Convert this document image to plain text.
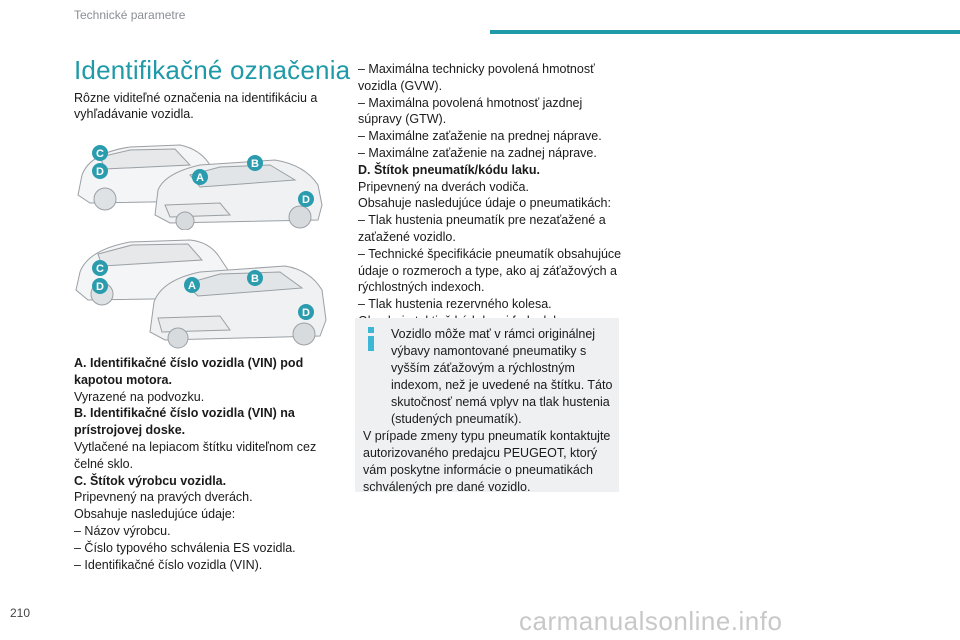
Technické parametre
Identifikačné označenia
Rôzne viditeľné označenia na identifikáciu a vyhľadávanie vozidla.
C
D
B
A
D
C
D
B
A
D

A. Identifikačné číslo vozidla (VIN) pod kapotou motora.

Vyrazené na podvozku.

B. Identifikačné číslo vozidla (VIN) na prístrojovej doske.

Vytlačené na lepiacom štítku viditeľnom cez čelné sklo.

C. Štítok výrobcu vozidla.

Pripevnený na pravých dverách.

Obsahuje nasledujúce údaje:

– Názov výrobcu.

– Číslo typového schválenia ES vozidla.

– Identifikačné číslo vozidla (VIN).

– Maximálna technicky povolená hmotnosť vozidla (GVW).

– Maximálna povolená hmotnosť jazdnej súpravy (GTW).

– Maximálne zaťaženie na prednej nápravе.

– Maximálne zaťaženie na zadnej nápravе.

D. Štítok pneumatík/kódu laku.

Pripevnený na dverách vodiča.

Obsahuje nasledujúce údaje o pneumatikách:

– Tlak hustenia pneumatík pre nezaťažené a zaťažené vozidlo.

– Technické špecifikácie pneumatík obsahujúce údaje o rozmeroch a type, ako aj záťažových a rýchlostných indexoch.

– Tlak hustenia rezervného kolesa.

Vozidlo môže mať v rámci originálnej výbavy namontované pneumatiky s vyšším záťažovým a rýchlostným indexom, než je uvedené na štítku. Táto skutočnosť nemá vplyv na tlak hustenia (studených pneumatík).

V prípade zmeny typu pneumatík kontaktujte autorizovaného predajcu PEUGEOT, ktorý vám poskytne informácie o pneumatikách schválených pre dané vozidlo.

210	carmanualsonline.info
